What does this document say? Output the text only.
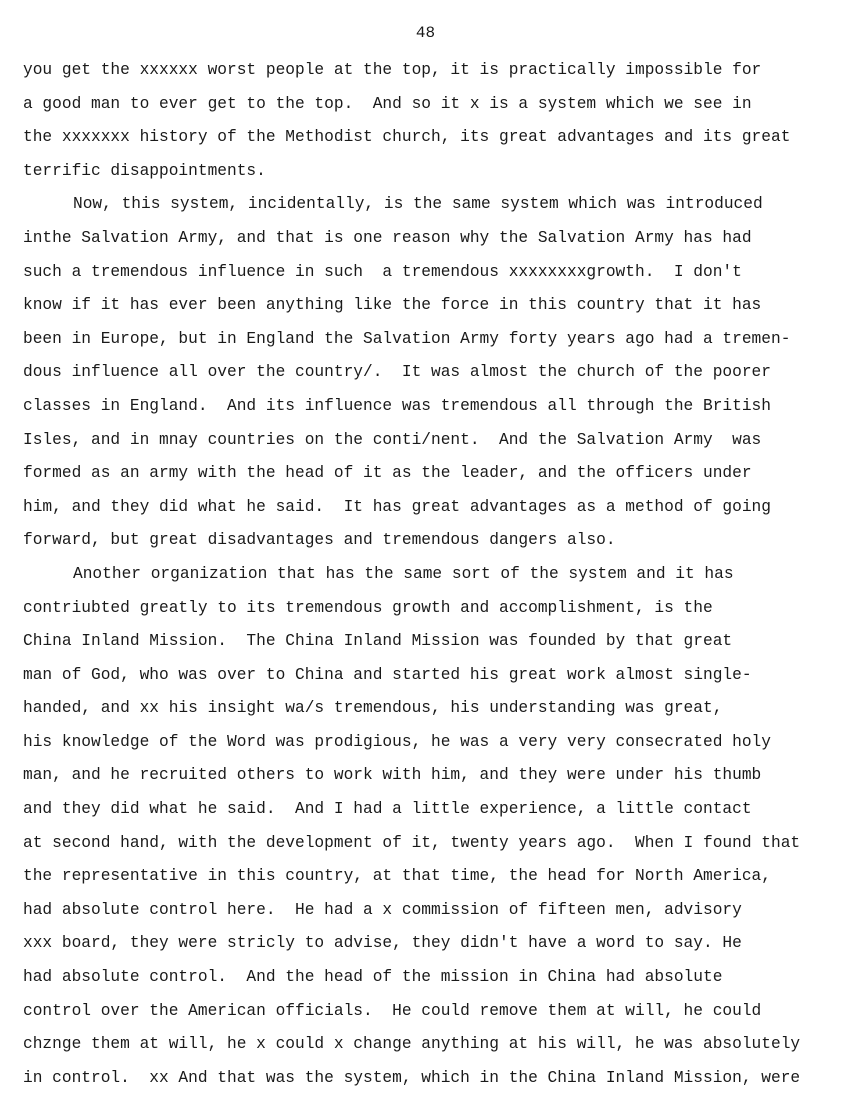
48
you get the xxxxxx worst people at the top, it is practically impossible for
a good man to ever get to the top.  And so it x is a system which we see in
the xxxxxxx history of the Methodist church, its great advantages and its great
terrific disappointments.
Now, this system, incidentally, is the same system which was introduced
inthe Salvation Army, and that is one reason why the Salvation Army has had
such a tremendous influence in such  a tremendous xxxxxxxxgrowth.  I don't
know if it has ever been anything like the force in this country that it has
been in Europe, but in England the Salvation Army forty years ago had a tremen-
dous influence all over the country/.  It was almost the church of the poorer
classes in England.  And its influence was tremendous all through the British
Isles, and in mnay countries on the conti/nent.  And the Salvation Army  was
formed as an army with the head of it as the leader, and the officers under
him, and they did what he said.  It has great advantages as a method of going
forward, but great disadvantages and tremendous dangers also.
Another organization that has the same sort of the system and it has
contriubted greatly to its tremendous growth and accomplishment, is the
China Inland Mission.  The China Inland Mission was founded by that great
man of God, who was over to China and started his great work almost single-
handed, and xx his insight wa/s tremendous, his understanding was great,
his knowledge of the Word was prodigious, he was a very very consecrated holy
man, and he recruited others to work with him, and they were under his thumb
and they did what he said.  And I had a little experience, a little contact
at second hand, with the development of it, twenty years ago.  When I found that
the representative in this country, at that time, the head for North America,
had absolute control here.  He had a x commission of fifteen men, advisory
xxx board, they were stricly to advise, they didn't have a word to say. He
had absolute control.  And the head of the mission in China had absolute
control over the American officials.  He could remove them at will, he could
chznge them at will, he x could x change anything at his will, he was absolutely
in control.  xx And that was the system, which in the China Inland Mission, were
